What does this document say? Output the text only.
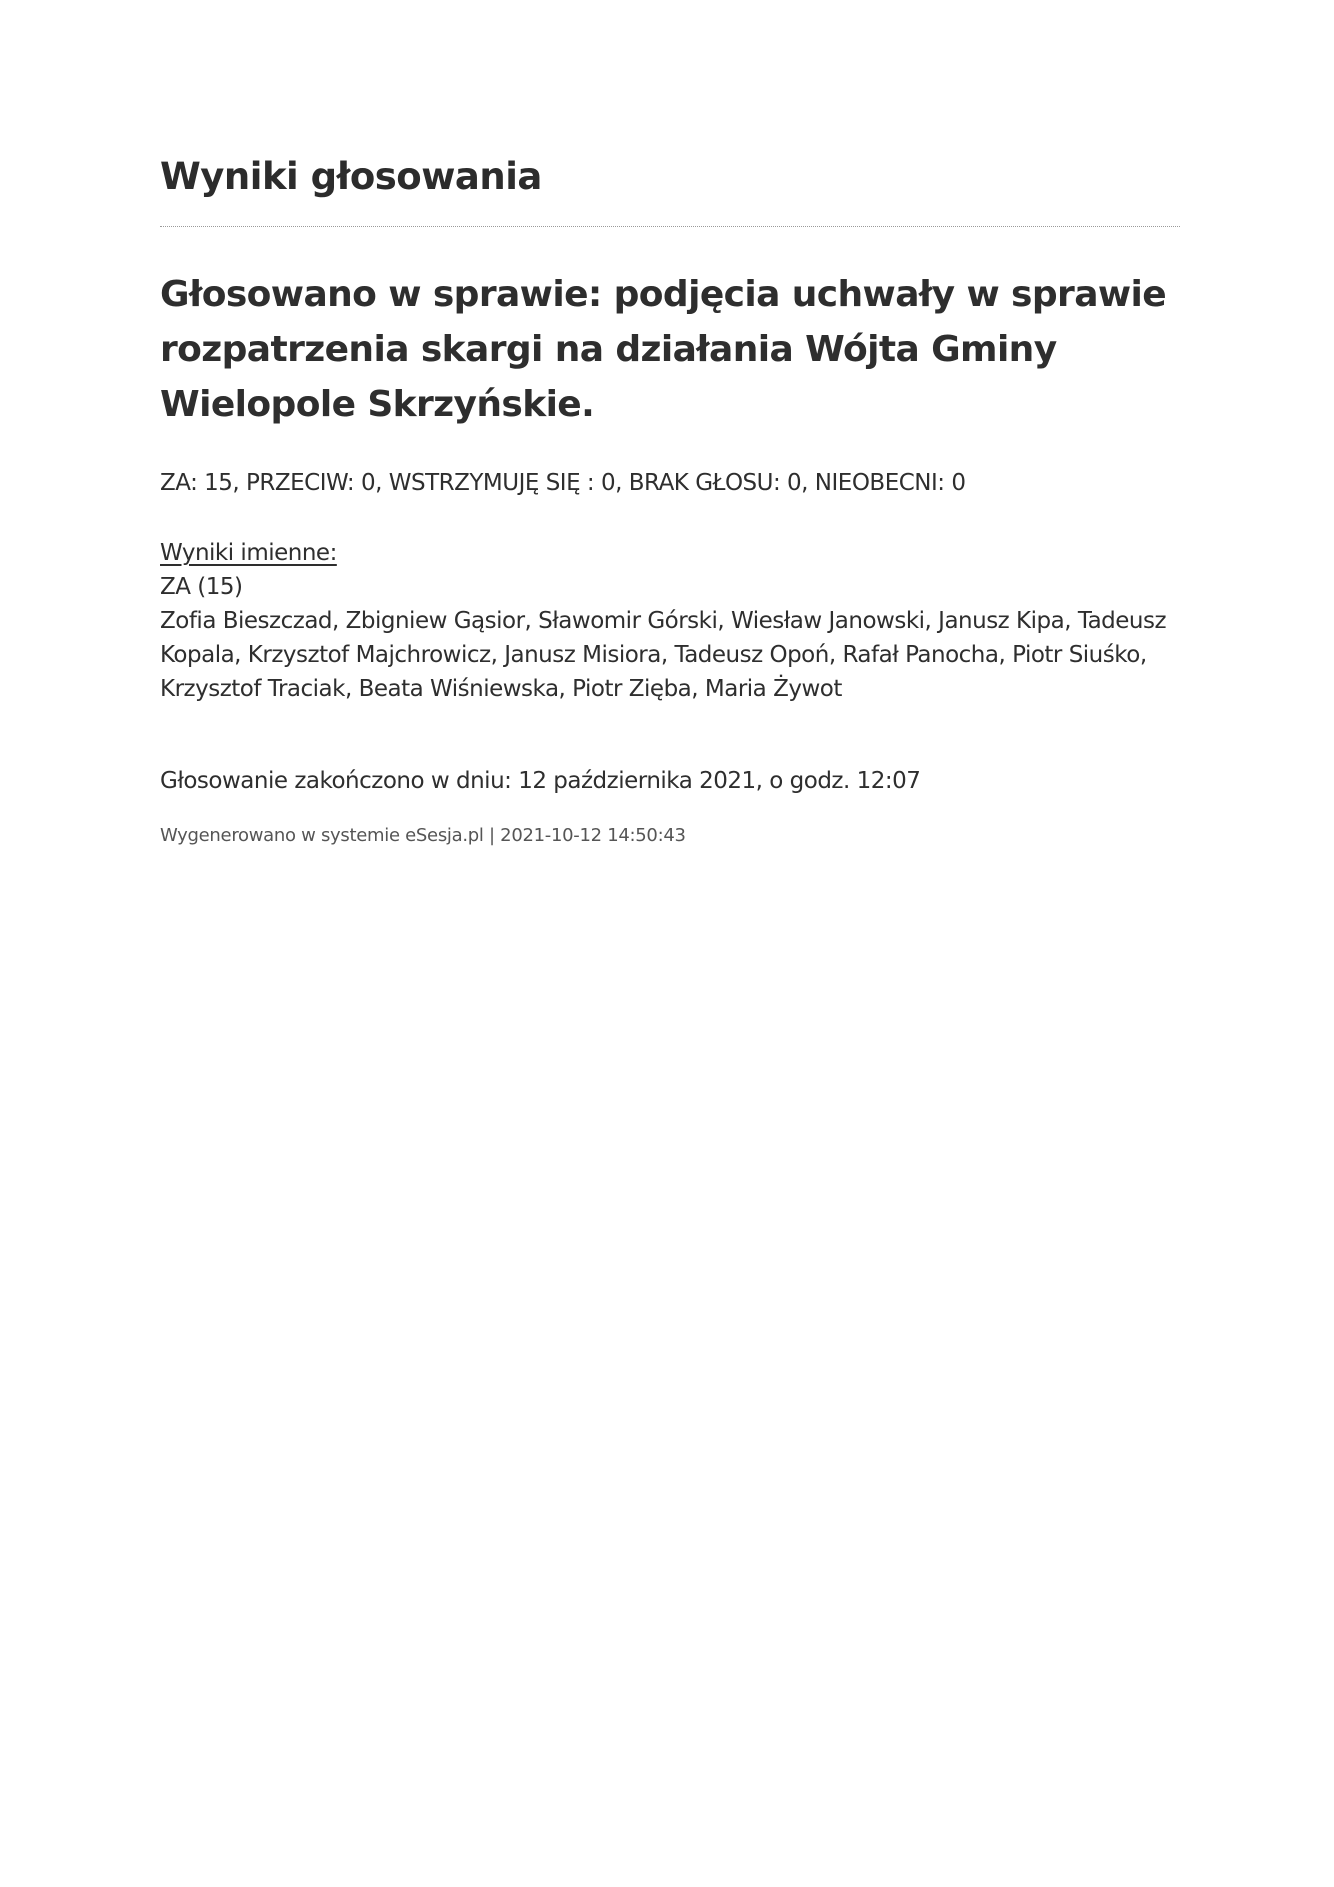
Wyniki głosowania
Głosowano w sprawie: podjęcia uchwały w sprawie rozpatrzenia skargi na działania Wójta Gminy Wielopole Skrzyńskie.
ZA: 15, PRZECIW: 0, WSTRZYMUJĘ SIĘ : 0, BRAK GŁOSU: 0, NIEOBECNI: 0
Wyniki imienne:
ZA (15)
Zofia Bieszczad, Zbigniew Gąsior, Sławomir Górski, Wiesław Janowski, Janusz Kipa, Tadeusz Kopala, Krzysztof Majchrowicz, Janusz Misiora, Tadeusz Opoń, Rafał Panocha, Piotr Siuśko, Krzysztof Traciak, Beata Wiśniewska, Piotr Zięba, Maria Żywot
Głosowanie zakończono w dniu: 12 października 2021, o godz. 12:07
Wygenerowano w systemie eSesja.pl | 2021-10-12 14:50:43
